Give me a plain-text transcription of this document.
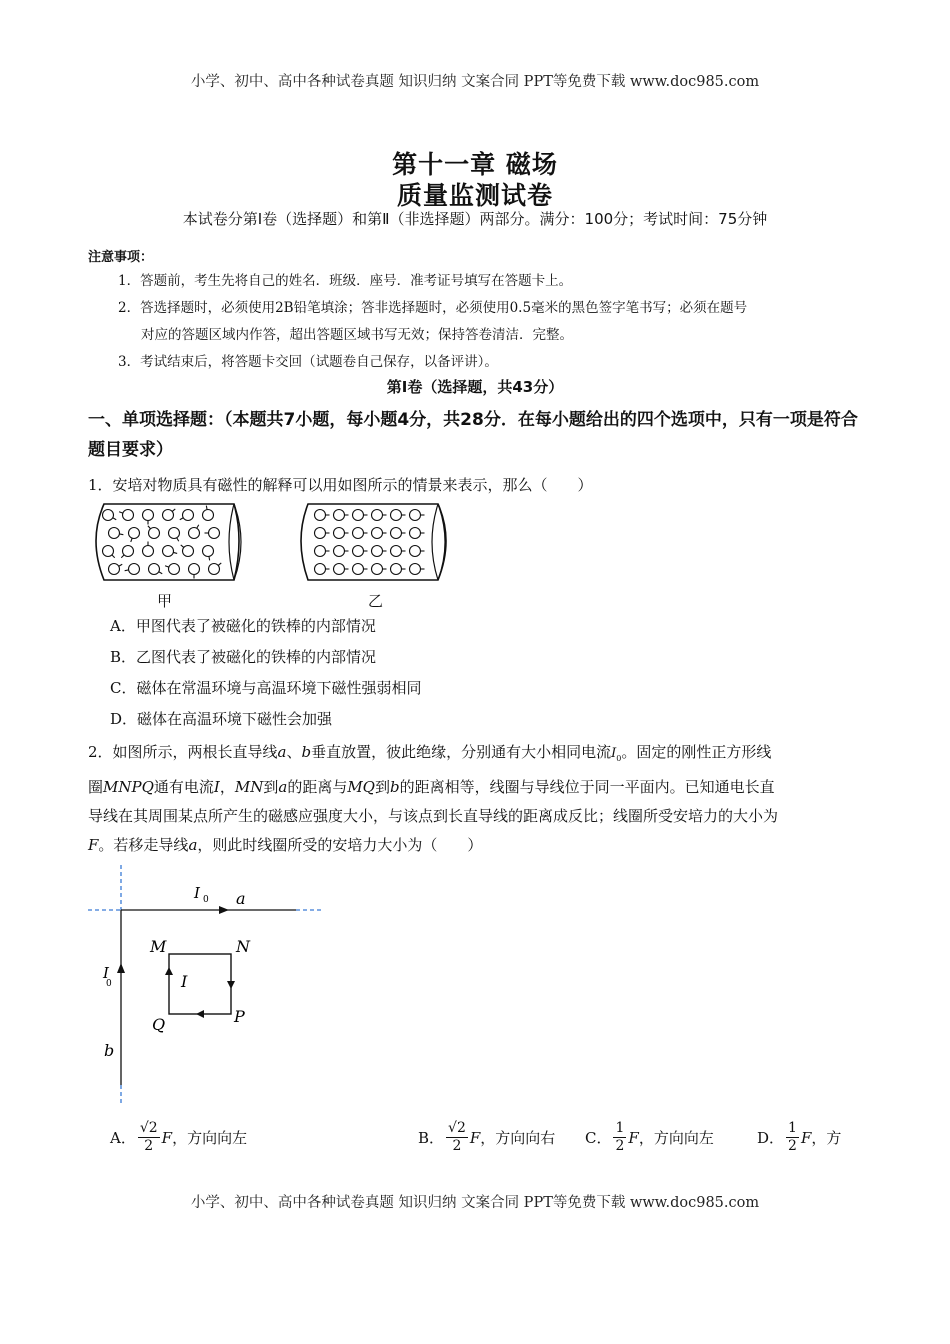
小学、初中、高中各种试卷真题 知识归纳 文案合同 PPT等免费下载 www.doc985.com
第十一章 磁场
质量监测试卷
本试卷分第Ⅰ卷（选择题）和第Ⅱ（非选择题）两部分。满分：100分；考试时间：75分钟
注意事项：
1．答题前，考生先将自己的姓名．班级．座号．准考证号填写在答题卡上。
2．答选择题时，必须使用2B铅笔填涂；答非选择题时，必须使用0.5毫米的黑色签字笔书写；必须在题号
对应的答题区域内作答，超出答题区域书写无效；保持答卷清洁．完整。
3．考试结束后，将答题卡交回（试题卷自己保存，以备评讲）。
第Ⅰ卷（选择题，共43分）
一、单项选择题：（本题共7小题，每小题4分，共28分．在每小题给出的四个选项中，只有一项是符合题目要求）
1．安培对物质具有磁性的解释可以用如图所示的情景来表示，那么（　　）
甲	乙
A．甲图代表了被磁化的铁棒的内部情况
B．乙图代表了被磁化的铁棒的内部情况
C．磁体在常温环境与高温环境下磁性强弱相同
D．磁体在高温环境下磁性会加强
2．如图所示，两根长直导线a、b垂直放置，彼此绝缘，分别通有大小相同电流$I_0$。固定的刚性正方形线
圈MNPQ通有电流I，MN到a的距离与MQ到b的距离相等，线圈与导线位于同一平面内。已知通电长直
导线在其周围某点所产生的磁感应强度大小，与该点到长直导线的距离成反比；线圈所受安培力的大小为
F。若移走导线a，则此时线圈所受的安培力大小为（　　）
I 0 a
I
0
b
M	N
P
Q
I
A． $\frac{√2}{2}$ F ，方向向左	B． $\frac{√2}{2}$ F ，方向向右 C． $\frac{1}{2}$ F ，方向向左	D． $\frac{1}{2}$ F ，方
小学、初中、高中各种试卷真题 知识归纳 文案合同 PPT等免费下载 www.doc985.com
